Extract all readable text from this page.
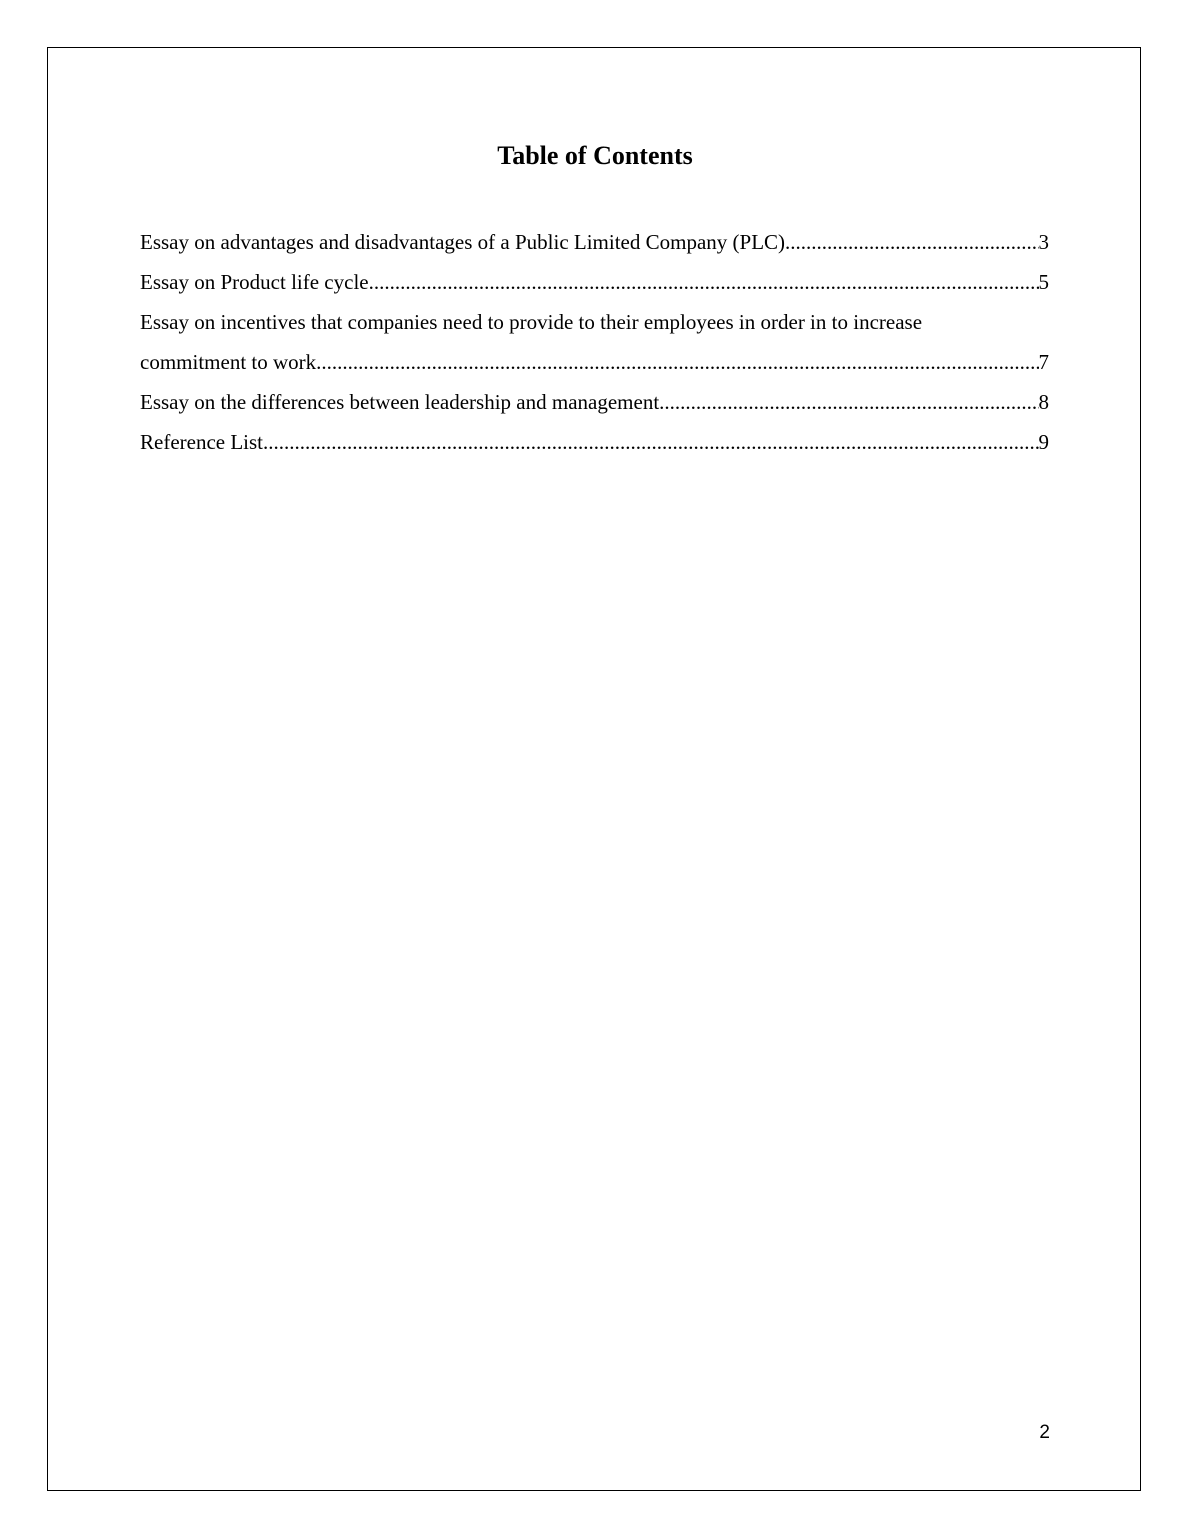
Table of Contents
Essay on advantages and disadvantages of a Public Limited Company (PLC) .....	3
Essay on Product life cycle .....	5
Essay on incentives that companies need to provide to their employees in order in to increase
commitment to work .....	7
Essay on the differences between leadership and management .....	8
Reference List .....	9
2
